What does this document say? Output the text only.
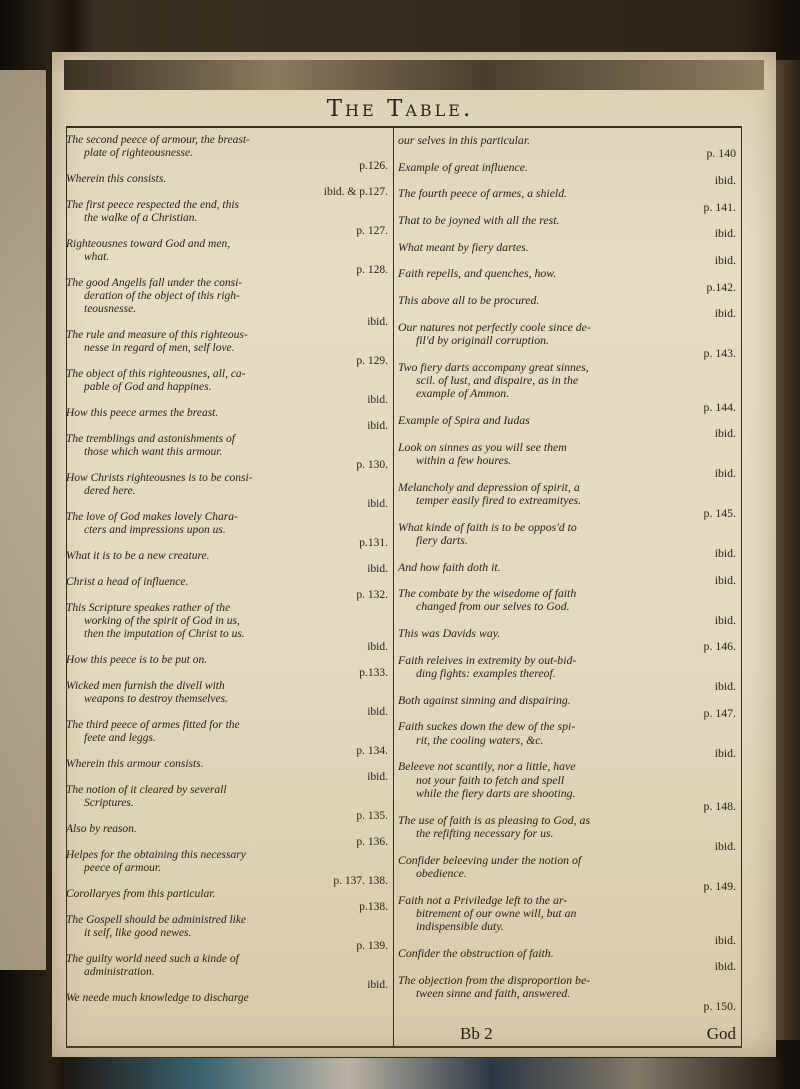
The Table.
The second peece of armour, the breast-
plate of righteousnesse.
p.126.
Wherein this consists.
ibid. & p.127.
The first peece respected the end, this
the walke of a Christian.
p. 127.
Righteousnes toward God and men,
what.
p. 128.
The good Angells fall under the consi-
deration of the object of this righ-
teousnesse.
ibid.
The rule and measure of this righteous-
nesse in regard of men, self love.
p. 129.
The object of this righteousnes, all, ca-
pable of God and happines.
ibid.
How this peece armes the breast.
ibid.
The tremblings and astonishments of
those which want this armour.
p. 130.
How Christs righteousnes is to be consi-
dered here.
ibid.
The love of God makes lovely Chara-
cters and impressions upon us.
p.131.
What it is to be a new creature.
ibid.
Christ a head of influence.
p. 132.
This Scripture speakes rather of the
working of the spirit of God in us,
then the imputation of Christ to us.
ibid.
How this peece is to be put on.
p.133.
Wicked men furnish the divell with
weapons to destroy themselves.
ibid.
The third peece of armes fitted for the
feete and leggs.
p. 134.
Wherein this armour consists.
ibid.
The notion of it cleared by severall
Scriptures.
p. 135.
Also by reason.
p. 136.
Helpes for the obtaining this necessary
peece of armour.
p. 137. 138.
Corollaryes from this particular.
p.138.
The Gospell should be administred like
it self, like good newes.
p. 139.
The guilty world need such a kinde of
administration.
ibid.
We neede much knowledge to discharge
our selves in this particular.
p. 140
Example of great influence.
ibid.
The fourth peece of armes, a shield.
p. 141.
That to be joyned with all the rest.
ibid.
What meant by fiery dartes.
ibid.
Faith repells, and quenches, how.
p.142.
This above all to be procured.
ibid.
Our natures not perfectly coole since de-
fil'd by originall corruption.
p. 143.
Two fiery darts accompany great sinnes,
scil. of lust, and dispaire, as in the
example of Ammon.
p. 144.
Example of Spira and Iudas
ibid.
Look on sinnes as you will see them
within a few houres.
ibid.
Melancholy and depression of spirit, a
temper easily fired to extreamityes.
p. 145.
What kinde of faith is to be oppos'd to
fiery darts.
ibid.
And how faith doth it.
ibid.
The combate by the wisedome of faith
changed from our selves to God.
ibid.
This was Davids way.
p. 146.
Faith releives in extremity by out-bid-
ding fights: examples thereof.
ibid.
Both against sinning and dispairing.
p. 147.
Faith suckes down the dew of the spi-
rit, the cooling waters, &c.
ibid.
Beleeve not scantily, nor a little, have
not your faith to fetch and spell
while the fiery darts are shooting.
p. 148.
The use of faith is as pleasing to God, as
the refifting necessary for us.
ibid.
Confider beleeving under the notion of
obedience.
p. 149.
Faith not a Priviledge left to the ar-
bitrement of our owne will, but an
indispensible duty.
ibid.
Confider the obstruction of faith.
ibid.
The objection from the disproportion be-
tween sinne and faith, answered.
p. 150.
Bb 2	God
